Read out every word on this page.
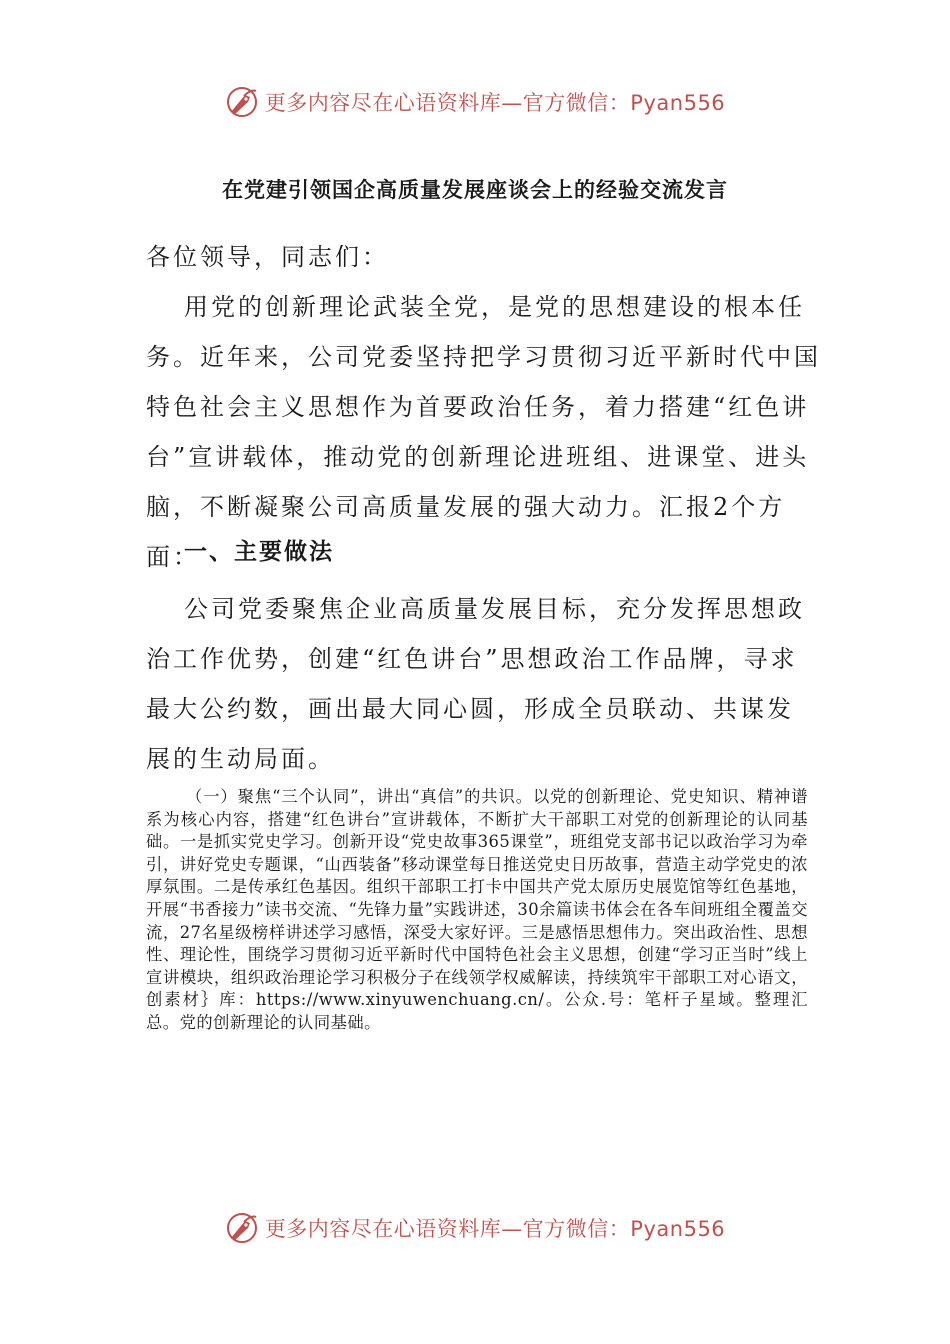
更多内容尽在心语资料库—官方微信：Pyan556
在党建引领国企高质量发展座谈会上的经验交流发言

各位领导，同志们：

用党的创新理论武装全党，是党的思想建设的根本任务。近年来，公司党委坚持把学习贯彻习近平新时代中国特色社会主义思想作为首要政治任务，着力搭建“红色讲台”宣讲载体，推动党的创新理论进班组、进课堂、进头脑，不断凝聚公司高质量发展的强大动力。汇报2个方面：

一、主要做法

公司党委聚焦企业高质量发展目标，充分发挥思想政治工作优势，创建“红色讲台”思想政治工作品牌，寻求最大公约数，画出最大同心圆，形成全员联动、共谋发展的生动局面。

（一）聚焦“三个认同”，讲出“真信”的共识。以党的创新理论、党史知识、精神谱系为核心内容，搭建“红色讲台”宣讲载体，不断扩大干部职工对党的创新理论的认同基础。一是抓实党史学习。创新开设“党史故事365课堂”，班组党支部书记以政治学习为牵引，讲好党史专题课，“山西装备”移动课堂每日推送党史日历故事，营造主动学党史的浓厚氛围。二是传承红色基因。组织干部职工打卡中国共产党太原历史展览馆等红色基地，开展“书香接力”读书交流、“先锋力量”实践讲述，30余篇读书体会在各车间班组全覆盖交流，27名星级榜样讲述学习感悟，深受大家好评。三是感悟思想伟力。突出政治性、思想性、理论性，围绕学习贯彻习近平新时代中国特色社会主义思想，创建“学习正当时”线上宣讲模块，组织政治理论学习积极分子在线领学权威解读，持续筑牢干部职工对心语文，创素材｝库：https://www.xinyuwenchuang.cn/。公众.号：笔杆子星域。整理汇总。党的创新理论的认同基础。

更多内容尽在心语资料库—官方微信：Pyan556
